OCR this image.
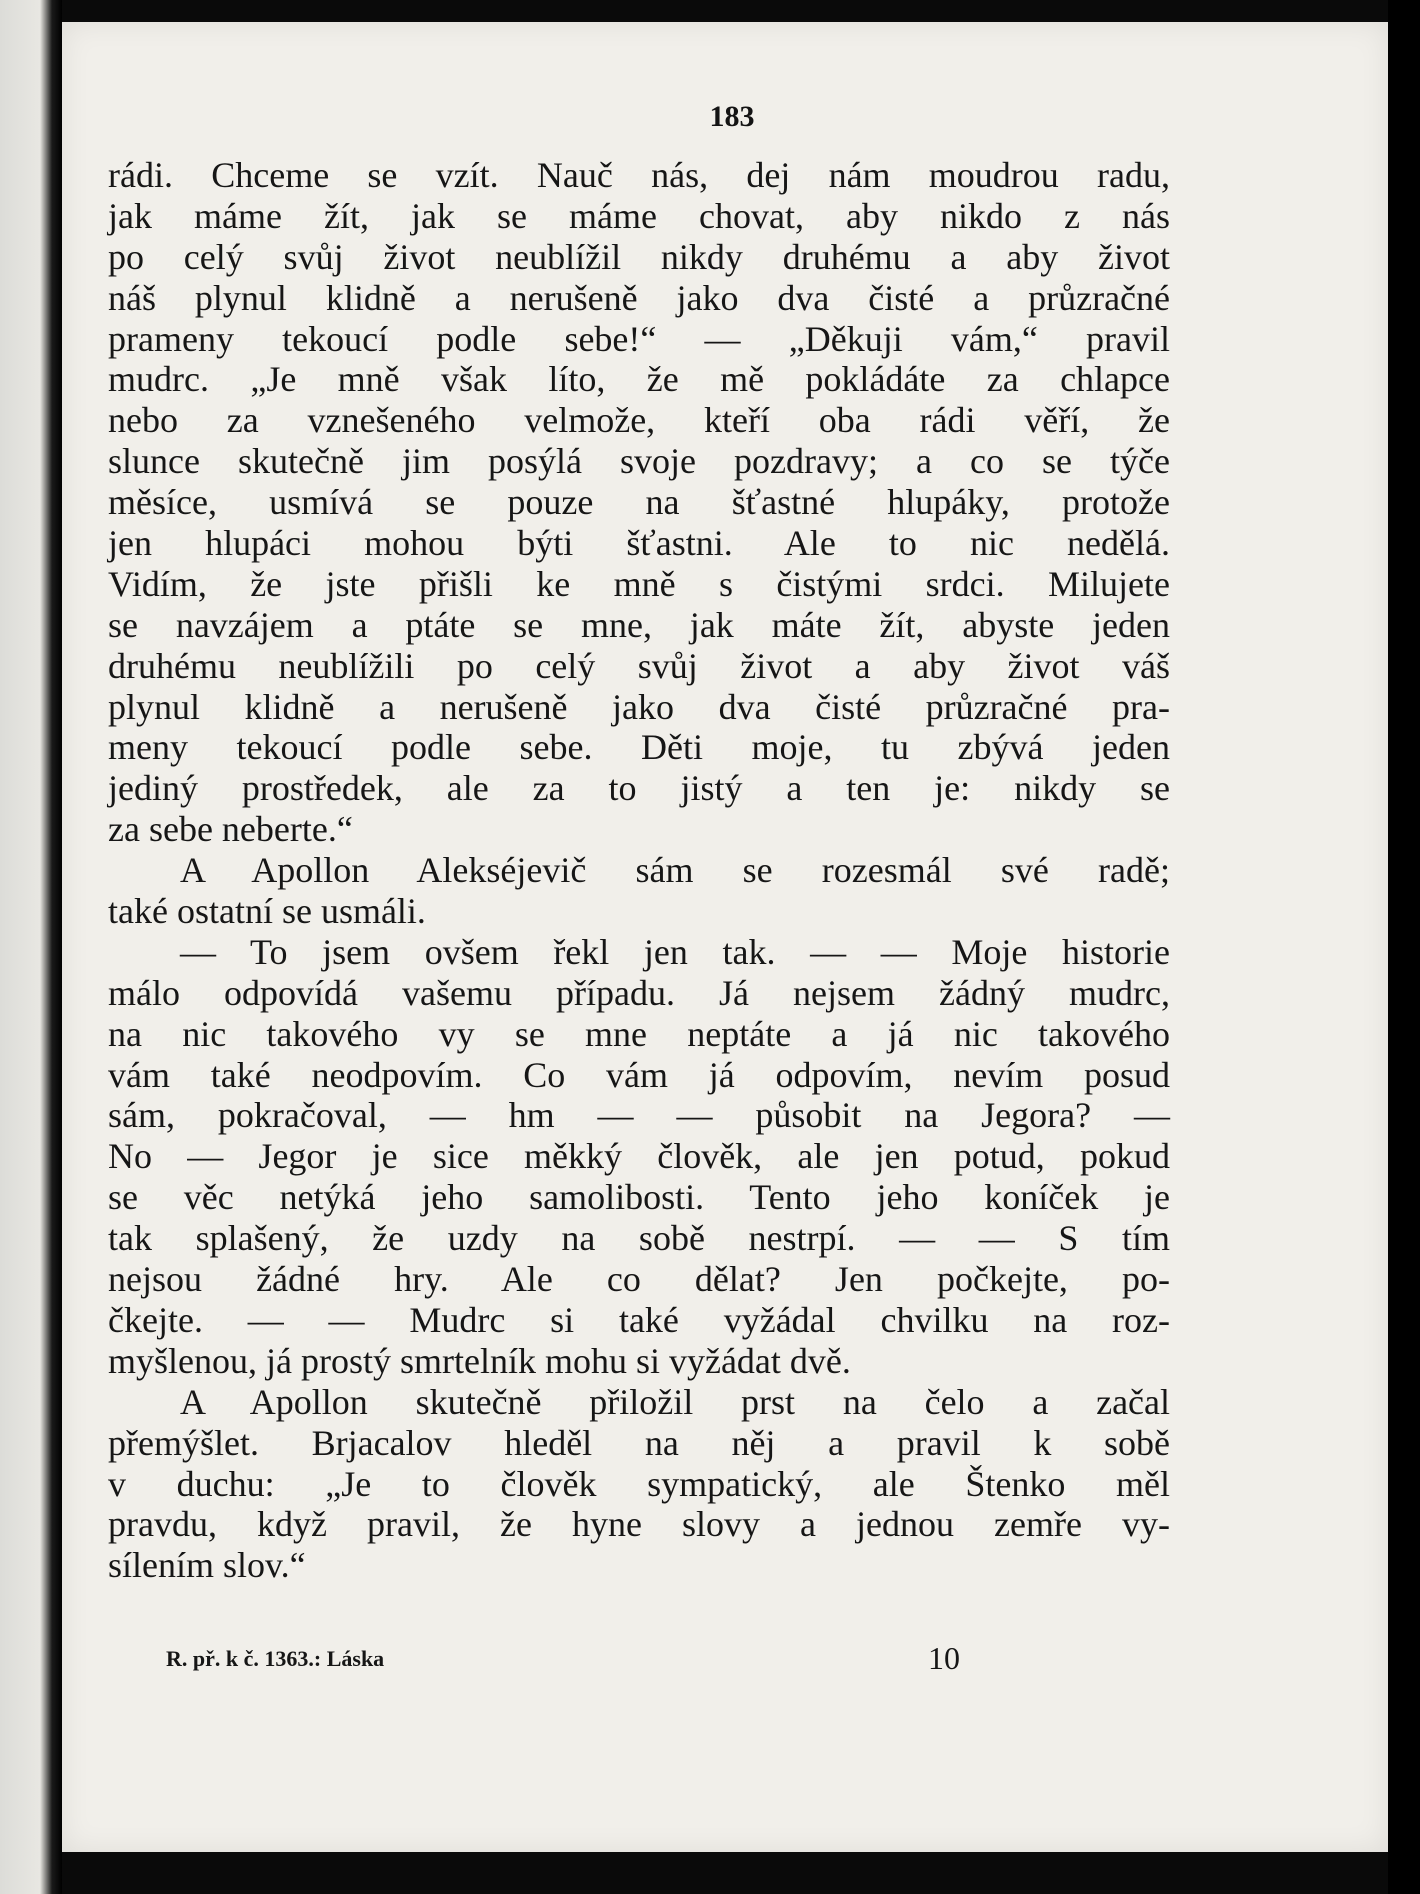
183
rádi. Chceme se vzít. Nauč nás, dej nám moudrou radu,
jak máme žít, jak se máme chovat, aby nikdo z nás
po celý svůj život neublížil nikdy druhému a aby život
náš plynul klidně a nerušeně jako dva čisté a průzračné
prameny tekoucí podle sebe!“ — „Děkuji vám,“ pravil
mudrc. „Je mně však líto, že mě pokládáte za chlapce
nebo za vznešeného velmože, kteří oba rádi věří, že
slunce skutečně jim posýlá svoje pozdravy; a co se týče
měsíce, usmívá se pouze na šťastné hlupáky, protože
jen hlupáci mohou býti šťastni. Ale to nic nedělá.
Vidím, že jste přišli ke mně s čistými srdci. Milujete
se navzájem a ptáte se mne, jak máte žít, abyste jeden
druhému neublížili po celý svůj život a aby život váš
plynul klidně a nerušeně jako dva čisté průzračné pra-
meny tekoucí podle sebe. Děti moje, tu zbývá jeden
jediný prostředek, ale za to jistý a ten je: nikdy se
za sebe neberte.“
A Apollon Alekséjevič sám se rozesmál své radě;
také ostatní se usmáli.
— To jsem ovšem řekl jen tak. — — Moje historie
málo odpovídá vašemu případu. Já nejsem žádný mudrc,
na nic takového vy se mne neptáte a já nic takového
vám také neodpovím. Co vám já odpovím, nevím posud
sám, pokračoval, — hm — — působit na Jegora? —
No — Jegor je sice měkký člověk, ale jen potud, pokud
se věc netýká jeho samolibosti. Tento jeho koníček je
tak splašený, že uzdy na sobě nestrpí. — — S tím
nejsou žádné hry. Ale co dělat? Jen počkejte, po-
čkejte. — — Mudrc si také vyžádal chvilku na roz-
myšlenou, já prostý smrtelník mohu si vyžádat dvě.
A Apollon skutečně přiložil prst na čelo a začal
přemýšlet. Brjacalov hleděl na něj a pravil k sobě
v duchu: „Je to člověk sympatický, ale Štenko měl
pravdu, když pravil, že hyne slovy a jednou zemře vy-
sílením slov.“
R. př. k č. 1363.: Láska	10
